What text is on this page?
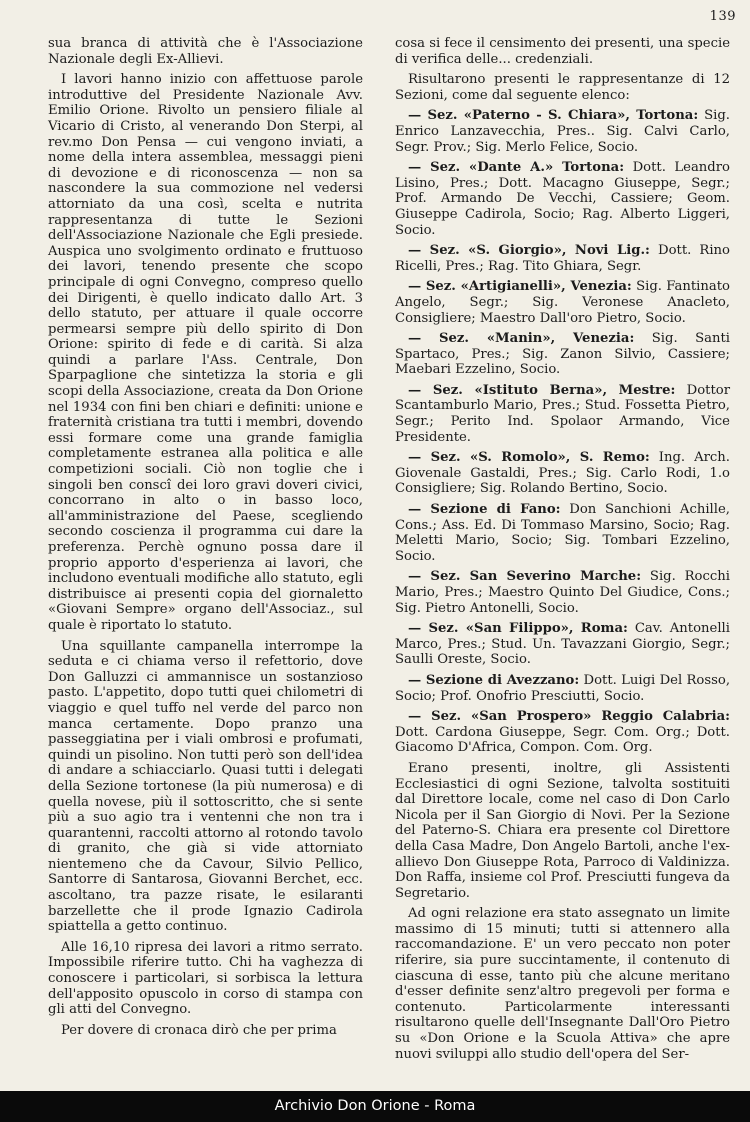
139

sua branca di attività che è l'Associazione Nazionale degli Ex-Allievi.

I lavori hanno inizio con affettuose parole introduttive del Presidente Nazionale Avv. Emilio Orione. Rivolto un pensiero filiale al Vicario di Cristo, al venerando Don Sterpi, al rev.mo Don Pensa — cui vengono inviati, a nome della intera assemblea, messaggi pieni di devozione e di riconoscenza — non sa nascondere la sua commozione nel vedersi attorniato da una così, scelta e nutrita rappresentanza di tutte le Sezioni dell'Associazione Nazionale che Egli presiede. Auspica uno svolgimento ordinato e fruttuoso dei lavori, tenendo presente che scopo principale di ogni Convegno, compreso quello dei Dirigenti, è quello indicato dallo Art. 3 dello statuto, per attuare il quale occorre permearsi sempre più dello spirito di Don Orione: spirito di fede e di carità. Si alza quindi a parlare l'Ass. Centrale, Don Sparpaglione che sintetizza la storia e gli scopi della Associazione, creata da Don Orione nel 1934 con fini ben chiari e definiti: unione e fraternità cristiana tra tutti i membri, dovendo essi formare come una grande famiglia completamente estranea alla politica e alle competizioni sociali. Ciò non toglie che i singoli ben conscî dei loro gravi doveri civici, concorrano in alto o in basso loco, all'amministrazione del Paese, scegliendo secondo coscienza il programma cui dare la preferenza. Perchè ognuno possa dare il proprio apporto d'esperienza ai lavori, che includono eventuali modifiche allo statuto, egli distribuisce ai presenti copia del giornaletto «Giovani Sempre» organo dell'Associaz., sul quale è riportato lo statuto.

Una squillante campanella interrompe la seduta e ci chiama verso il refettorio, dove Don Galluzzi ci ammannisce un sostanzioso pasto. L'appetito, dopo tutti quei chilometri di viaggio e quel tuffo nel verde del parco non manca certamente. Dopo pranzo una passeggiatina per i viali ombrosi e profumati, quindi un pisolino. Non tutti però son dell'idea di andare a schiacciarlo. Quasi tutti i delegati della Sezione tortonese (la più numerosa) e di quella novese, più il sottoscritto, che si sente più a suo agio tra i ventenni che non tra i quarantenni, raccolti attorno al rotondo tavolo di granito, che già si vide attorniato nientemeno che da Cavour, Silvio Pellico, Santorre di Santarosa, Giovanni Berchet, ecc. ascoltano, tra pazze risate, le esilaranti barzellette che il prode Ignazio Cadirola spiattella a getto continuo.

Alle 16,10 ripresa dei lavori a ritmo serrato. Impossibile riferire tutto. Chi ha vaghezza di conoscere i particolari, si sorbisca la lettura dell'apposito opuscolo in corso di stampa con gli atti del Convegno.

Per dovere di cronaca dirò che per prima

cosa si fece il censimento dei presenti, una specie di verifica delle... credenziali.

Risultarono presenti le rappresentanze di 12 Sezioni, come dal seguente elenco:

— Sez. «Paterno - S. Chiara», Tortona: Sig. Enrico Lanzavecchia, Pres.. Sig. Calvi Carlo, Segr. Prov.; Sig. Merlo Felice, Socio.

— Sez. «Dante A.» Tortona: Dott. Leandro Lisino, Pres.; Dott. Macagno Giuseppe, Segr.; Prof. Armando De Vecchi, Cassiere; Geom. Giuseppe Cadirola, Socio; Rag. Alberto Liggeri, Socio.

— Sez. «S. Giorgio», Novi Lig.: Dott. Rino Ricelli, Pres.; Rag. Tito Ghiara, Segr.

— Sez. «Artigianelli», Venezia: Sig. Fantinato Angelo, Segr.; Sig. Veronese Anacleto, Consigliere; Maestro Dall'oro Pietro, Socio.

— Sez. «Manin», Venezia: Sig. Santi Spartaco, Pres.; Sig. Zanon Silvio, Cassiere; Maebari Ezzelino, Socio.

— Sez. «Istituto Berna», Mestre: Dottor Scantamburlo Mario, Pres.; Stud. Fossetta Pietro, Segr.; Perito Ind. Spolaor Armando, Vice Presidente.

— Sez. «S. Romolo», S. Remo: Ing. Arch. Giovenale Gastaldi, Pres.; Sig. Carlo Rodi, 1.o Consigliere; Sig. Rolando Bertino, Socio.

— Sezione di Fano: Don Sanchioni Achille, Cons.; Ass. Ed. Di Tommaso Marsino, Socio; Rag. Meletti Mario, Socio; Sig. Tombari Ezzelino, Socio.

— Sez. San Severino Marche: Sig. Rocchi Mario, Pres.; Maestro Quinto Del Giudice, Cons.; Sig. Pietro Antonelli, Socio.

— Sez. «San Filippo», Roma: Cav. Antonelli Marco, Pres.; Stud. Un. Tavazzani Giorgio, Segr.; Saulli Oreste, Socio.

— Sezione di Avezzano: Dott. Luigi Del Rosso, Socio; Prof. Onofrio Presciutti, Socio.

— Sez. «San Prospero» Reggio Calabria: Dott. Cardona Giuseppe, Segr. Com. Org.; Dott. Giacomo D'Africa, Compon. Com. Org.

Erano presenti, inoltre, gli Assistenti Ecclesiastici di ogni Sezione, talvolta sostituiti dal Direttore locale, come nel caso di Don Carlo Nicola per il San Giorgio di Novi. Per la Sezione del Paterno-S. Chiara era presente col Direttore della Casa Madre, Don Angelo Bartoli, anche l'ex-allievo Don Giuseppe Rota, Parroco di Valdinizza. Don Raffa, insieme col Prof. Presciutti fungeva da Segretario.

Ad ogni relazione era stato assegnato un limite massimo di 15 minuti; tutti si attennero alla raccomandazione. E' un vero peccato non poter riferire, sia pure succintamente, il contenuto di ciascuna di esse, tanto più che alcune meritano d'esser definite senz'altro pregevoli per forma e contenuto. Particolarmente interessanti risultarono quelle dell'Insegnante Dall'Oro Pietro su «Don Orione e la Scuola Attiva» che apre nuovi sviluppi allo studio dell'opera del Ser-

Archivio Don Orione - Roma
